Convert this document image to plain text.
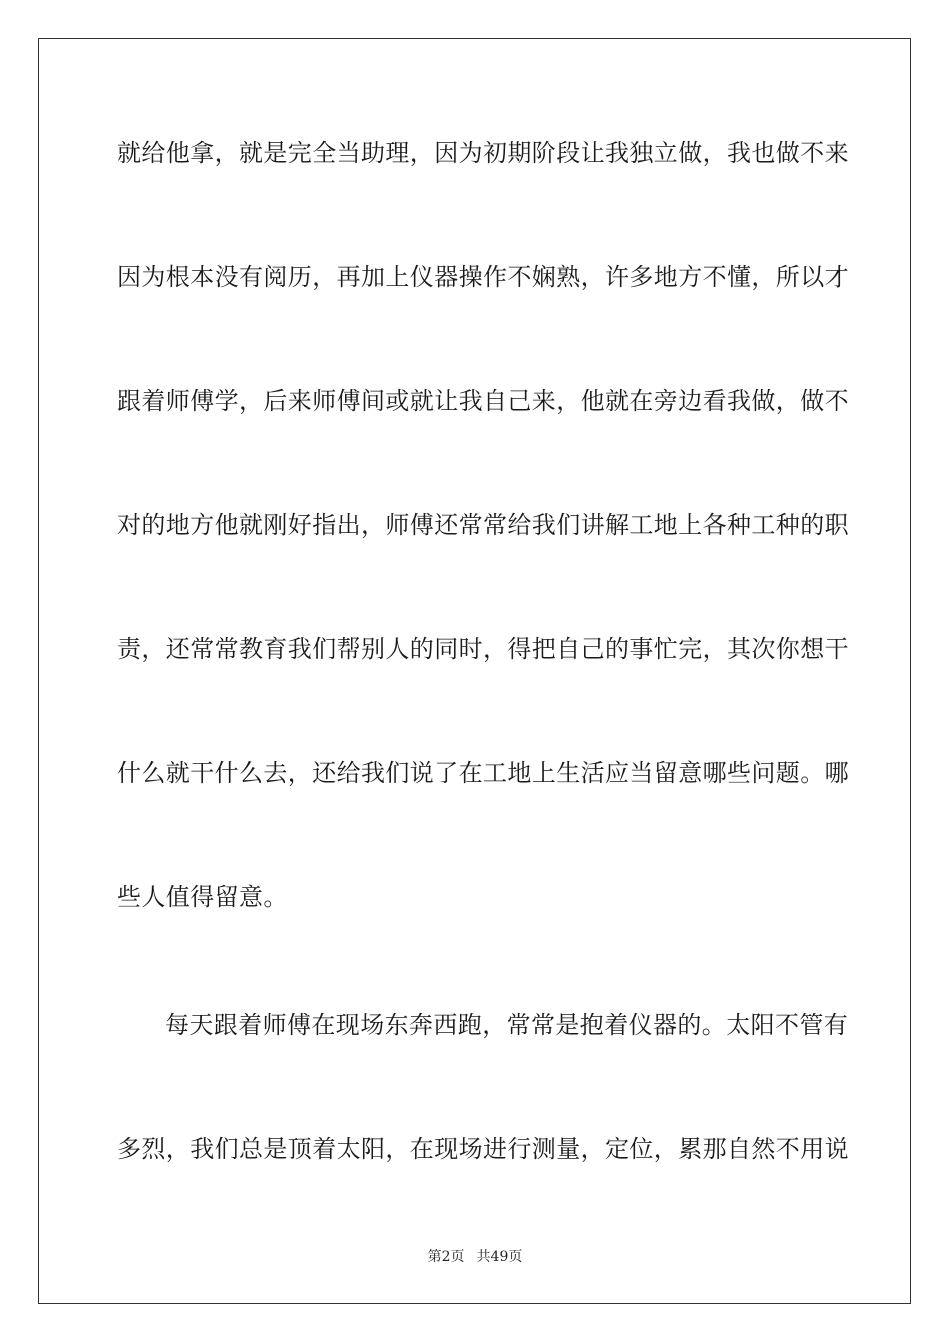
就给他拿，就是完全当助理，因为初期阶段让我独立做，我也做不来
因为根本没有阅历，再加上仪器操作不娴熟，许多地方不懂，所以才
跟着师傅学，后来师傅间或就让我自己来，他就在旁边看我做，做不
对的地方他就刚好指出，师傅还常常给我们讲解工地上各种工种的职
责，还常常教育我们帮别人的同时，得把自己的事忙完，其次你想干
什么就干什么去，还给我们说了在工地上生活应当留意哪些问题。哪
些人值得留意。
每天跟着师傅在现场东奔西跑，常常是抱着仪器的。太阳不管有
多烈，我们总是顶着太阳，在现场进行测量，定位，累那自然不用说
第2页 共49页
